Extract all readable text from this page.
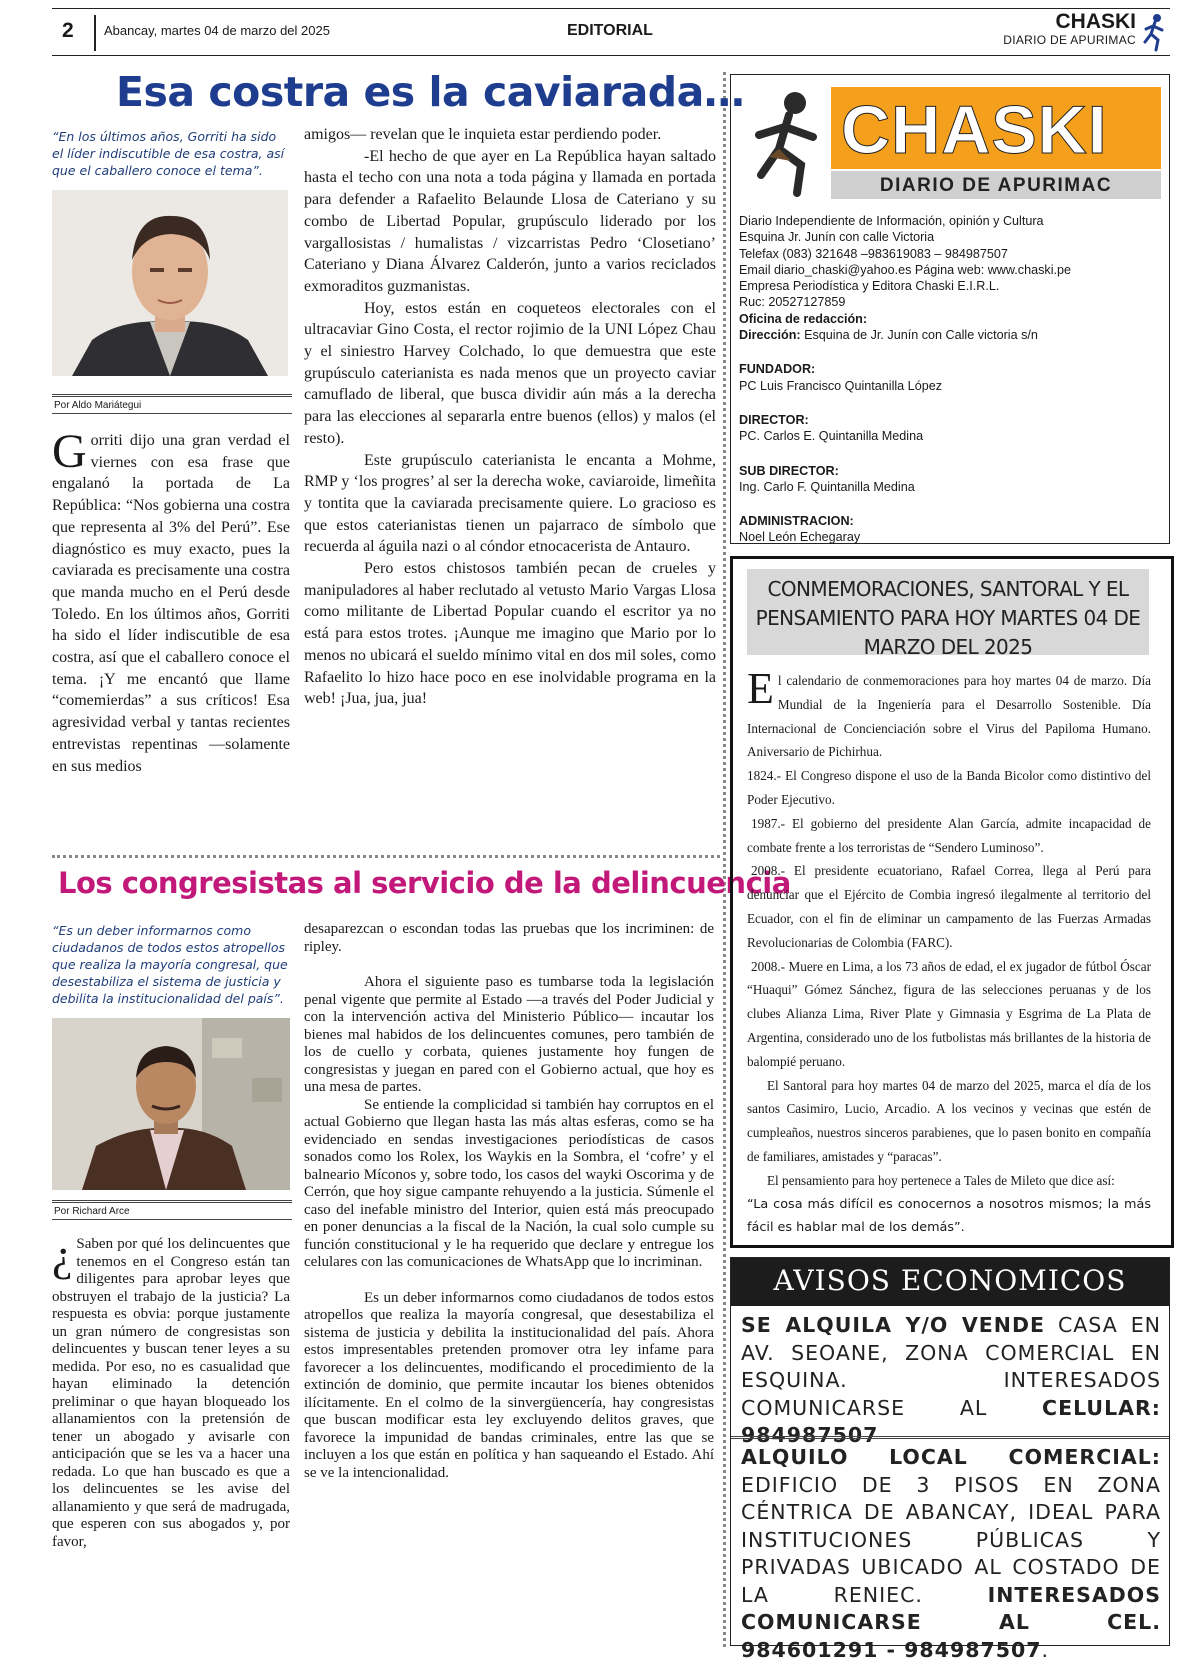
2 Abancay, martes 04 de marzo del 2025	EDITORIAL	CHASKI
DIARIO DE APURIMAC
Esa costra es la caviarada…
“En los últimos años, Gorriti ha sido el líder indiscutible de esa costra, así que el caballero conoce el tema”.
Por Aldo Mariátegui
Gorriti dijo una gran verdad el viernes con esa frase que engalanó la portada de La República: “Nos gobierna una costra que representa al 3% del Perú”. Ese diagnóstico es muy exacto, pues la caviarada es precisamente una costra que manda mucho en el Perú desde Toledo. En los últimos años, Gorriti ha sido el líder indiscutible de esa costra, así que el caballero conoce el tema. ¡Y me encantó que llame “comemierdas” a sus críticos! Esa agresividad verbal y tantas recientes entrevistas repentinas —solamente en sus medios

amigos— revelan que le inquieta estar perdiendo poder.

-El hecho de que ayer en La República hayan saltado hasta el techo con una nota a toda página y llamada en portada para defender a Rafaelito Belaunde Llosa de Cateriano y su combo de Libertad Popular, grupúsculo liderado por los vargallosistas / humalistas / vizcarristas Pedro ‘Closetiano’ Cateriano y Diana Álvarez Calderón, junto a varios reciclados exmoraditos guzmanistas.

Hoy, estos están en coqueteos electorales con el ultracaviar Gino Costa, el rector rojimio de la UNI López Chau y el siniestro Harvey Colchado, lo que demuestra que este grupúsculo caterianista es nada menos que un proyecto caviar camuflado de liberal, que busca dividir aún más a la derecha para las elecciones al separarla entre buenos (ellos) y malos (el resto).

Este grupúsculo caterianista le encanta a Mohme, RMP y ‘los progres’ al ser la derecha woke, caviaroide, limeñita y tontita que la caviarada precisamente quiere. Lo gracioso es que estos caterianistas tienen un pajarraco de símbolo que recuerda al águila nazi o al cóndor etnocacerista de Antauro.

Pero estos chistosos también pecan de crueles y manipuladores al haber reclutado al vetusto Mario Vargas Llosa como militante de Libertad Popular cuando el escritor ya no está para estos trotes. ¡Aunque me imagino que Mario por lo menos no ubicará el sueldo mínimo vital en dos mil soles, como Rafaelito lo hizo hace poco en ese inolvidable programa en la web! ¡Jua, jua, jua!

Los congresistas al servicio de la delincuencia
“Es un deber informarnos como ciudadanos de todos estos atropellos que realiza la mayoría congresal, que desestabiliza el sistema de justicia y debilita la institucionalidad del país”.
Por Richard Arce
¿ Saben por qué los delincuentes que tenemos en el Congreso están tan diligentes para aprobar leyes que obstruyen el trabajo de la justicia? La respuesta es obvia: porque justamente un gran número de congresistas son delincuentes y buscan tener leyes a su medida. Por eso, no es casualidad que hayan eliminado la detención preliminar o que hayan bloqueado los allanamientos con la pretensión de tener un abogado y avisarle con anticipación que se les va a hacer una redada. Lo que han buscado es que a los delincuentes se les avise del allanamiento y que será de madrugada, que esperen con sus abogados y, por favor,

desaparezcan o escondan todas las pruebas que los incriminen: de ripley.

Ahora el siguiente paso es tumbarse toda la legislación penal vigente que permite al Estado —a través del Poder Judicial y con la intervención activa del Ministerio Público— incautar los bienes mal habidos de los delincuentes comunes, pero también de los de cuello y corbata, quienes justamente hoy fungen de congresistas y juegan en pared con el Gobierno actual, que hoy es una mesa de partes.

Se entiende la complicidad si también hay corruptos en el actual Gobierno que llegan hasta las más altas esferas, como se ha evidenciado en sendas investigaciones periodísticas de casos sonados como los Rolex, los Waykis en la Sombra, el ‘cofre’ y el balneario Míconos y, sobre todo, los casos del wayki Oscorima y de Cerrón, que hoy sigue campante rehuyendo a la justicia. Súmenle el caso del inefable ministro del Interior, quien está más preocupado en poner denuncias a la fiscal de la Nación, la cual solo cumple su función constitucional y le ha requerido que declare y entregue los celulares con las comunicaciones de WhatsApp que lo incriminan.

Es un deber informarnos como ciudadanos de todos estos atropellos que realiza la mayoría congresal, que desestabiliza el sistema de justicia y debilita la institucionalidad del país. Ahora estos impresentables pretenden promover otra ley infame para favorecer a los delincuentes, modificando el procedimiento de la extinción de dominio, que permite incautar los bienes obtenidos ilícitamente. En el colmo de la sinvergüencería, hay congresistas que buscan modificar esta ley excluyendo delitos graves, que favorece la impunidad de bandas criminales, entre las que se incluyen a los que están en política y han saqueando el Estado. Ahí se ve la intencionalidad.

CHASKI
DIARIO DE APURIMAC
Diario Independiente de Información, opinión y Cultura
Esquina Jr. Junín con calle Victoria
Telefax (083) 321648 –983619083 – 984987507
Email diario_chaski@yahoo.es Página web: www.chaski.pe
Empresa Periodística y Editora Chaski E.I.R.L.
Ruc: 20527127859
Oficina de redacción:
Dirección: Esquina de Jr. Junín con Calle victoria s/n
FUNDADOR:
PC Luis Francisco Quintanilla López
DIRECTOR:
PC. Carlos E. Quintanilla Medina
SUB DIRECTOR:
Ing. Carlo F. Quintanilla Medina
ADMINISTRACION:
Noel León Echegaray
CONMEMORACIONES, SANTORAL Y EL PENSAMIENTO PARA HOY MARTES 04 DE MARZO DEL 2025

El calendario de conmemoraciones para hoy martes 04 de marzo. Día Mundial de la Ingeniería para el Desarrollo Sostenible. Día Internacional de Concienciación sobre el Virus del Papiloma Humano. Aniversario de Pichirhua.

1824.- El Congreso dispone el uso de la Banda Bicolor como distintivo del Poder Ejecutivo.

1987.- El gobierno del presidente Alan García, admite incapacidad de combate frente a los terroristas de “Sendero Luminoso”.

2008.- El presidente ecuatoriano, Rafael Correa, llega al Perú para denunciar que el Ejército de Combia ingresó ilegalmente al territorio del Ecuador, con el fin de eliminar un campamento de las Fuerzas Armadas Revolucionarias de Colombia (FARC).

2008.- Muere en Lima, a los 73 años de edad, el ex jugador de fútbol Óscar “Huaqui” Gómez Sánchez, figura de las selecciones peruanas y de los clubes Alianza Lima, River Plate y Gimnasia y Esgrima de La Plata de Argentina, considerado uno de los futbolistas más brillantes de la historia de balompié peruano.

El Santoral para hoy martes 04 de marzo del 2025, marca el día de los santos Casimiro, Lucio, Arcadio. A los vecinos y vecinas que estén de cumpleaños, nuestros sinceros parabienes, que lo pasen bonito en compañía de familiares, amistades y “paracas”.

El pensamiento para hoy pertenece a Tales de Mileto que dice así:

“La cosa más difícil es conocernos a nosotros mismos; la más fácil es hablar mal de los demás”.

AVISOS ECONOMICOS
SE ALQUILA Y/O VENDE CASA EN AV. SEOANE, ZONA COMERCIAL EN ESQUINA. INTERESADOS COMUNICARSE AL CELULAR: 984987507
ALQUILO LOCAL COMERCIAL: EDIFICIO DE 3 PISOS EN ZONA CÉNTRICA DE ABANCAY, IDEAL PARA INSTITUCIONES PÚBLICAS Y PRIVADAS UBICADO AL COSTADO DE LA RENIEC. INTERESADOS COMUNICARSE AL CEL. 984601291 - 984987507.
